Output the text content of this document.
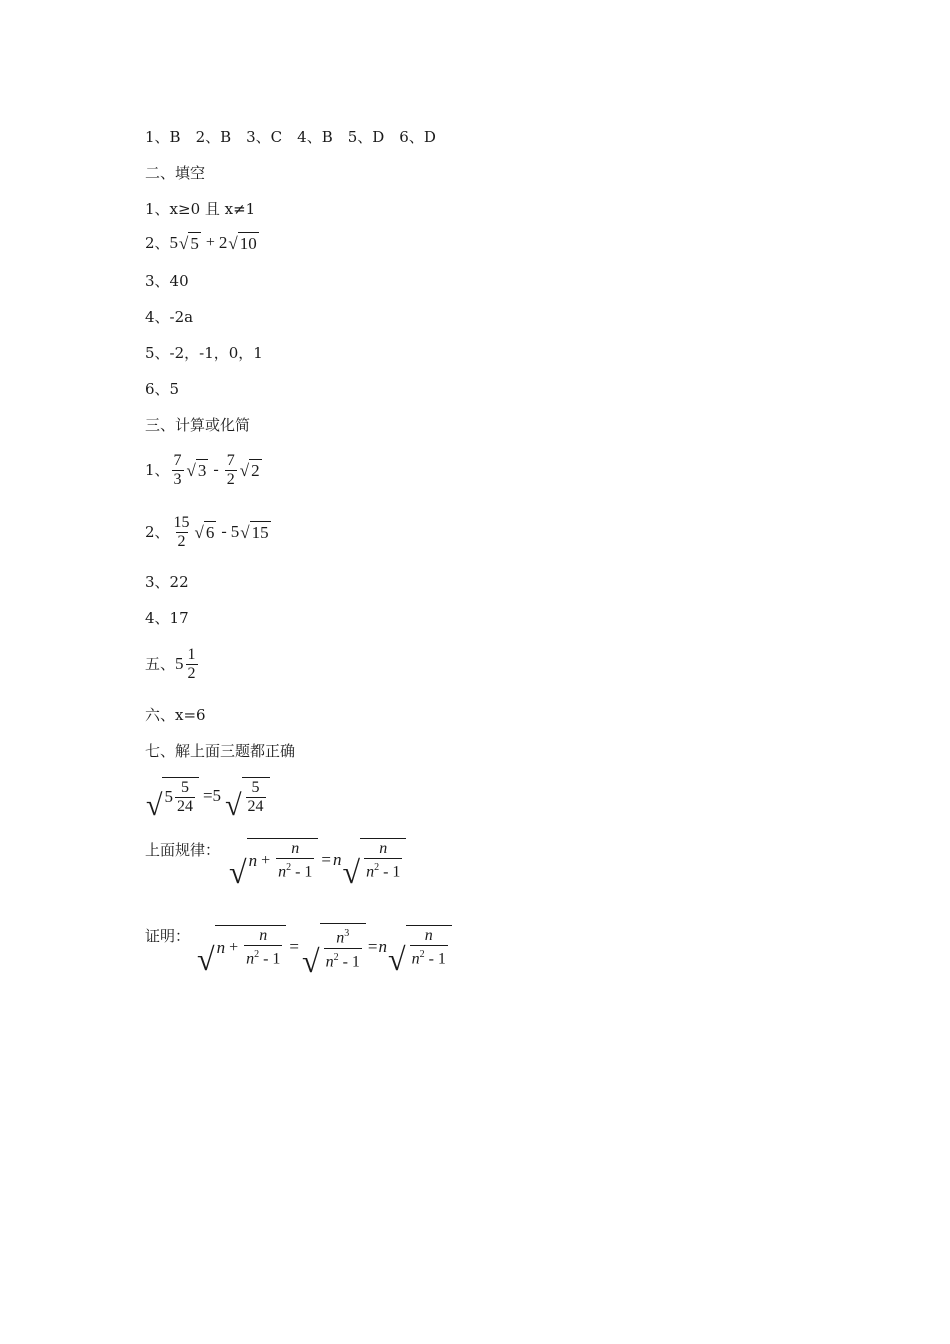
1、B　2、B　3、C　4、B　5、D　6、D
二、填空
1、x≥0 且 x≠1
2、 5 √ 5 + 2 √ 10
3、40
4、-2a
5、-2，-1，0，1
6、5
三、计算或化简
1、 $\frac{7}{3}$ √ $3 - \frac{7}{2}$ √ 2
2、 $\frac{15}{2}$ √ 6 - 5 √ 15
3、22
4、17
五、 $5 \frac{1}{2}$
六、x=6
七、解上面三题都正确
√ $5 \frac{5}{24} =5$ √ $\frac{5}{24}$
上面规律：
√ $n + \frac{n}{n^2 - 1} = n$ √ $\frac{n}{n^2 - 1}$
证明：
√ $n + \frac{n}{n^2 - 1}$ = √ $\frac{n^3}{n^2 - 1} = n$ √ $\frac{n}{n^2 - 1}$
